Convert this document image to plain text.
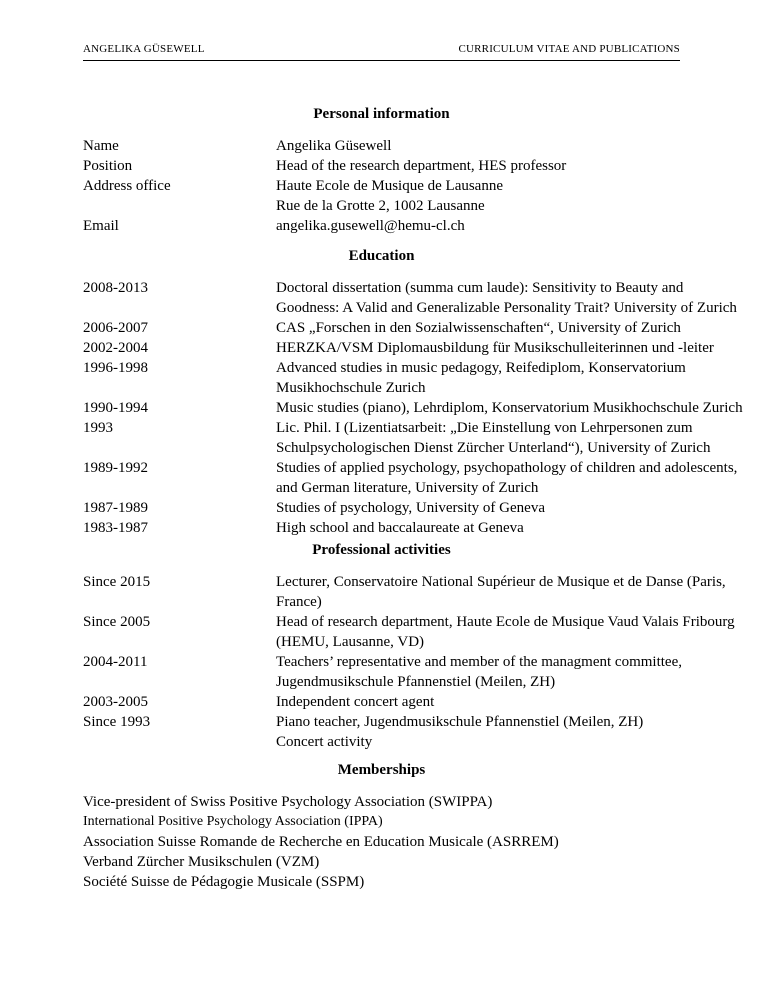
ANGELIKA GÜSEWELL	CURRICULUM VITAE AND PUBLICATIONS
Personal information
Name	Angelika Güsewell
Position	Head of the research department, HES professor
Address office	Haute Ecole de Musique de Lausanne
Rue de la Grotte 2, 1002 Lausanne
Email	angelika.gusewell@hemu-cl.ch
Education
2008-2013	Doctoral dissertation (summa cum laude): Sensitivity to Beauty and
Goodness: A Valid and Generalizable Personality Trait? University of Zurich
2006-2007	CAS „Forschen in den Sozialwissenschaften“, University of Zurich
2002-2004	HERZKA/VSM Diplomausbildung für Musikschulleiterinnen und -leiter
1996-1998	Advanced studies in music pedagogy, Reifediplom, Konservatorium
Musikhochschule Zurich
1990-1994	Music studies (piano), Lehrdiplom, Konservatorium Musikhochschule Zurich
1993	Lic. Phil. I (Lizentiatsarbeit: „Die Einstellung von Lehrpersonen zum
Schulpsychologischen Dienst Zürcher Unterland“), University of Zurich
1989-1992	Studies of applied psychology, psychopathology of children and adolescents,
and German literature, University of Zurich
1987-1989	Studies of psychology, University of Geneva
1983-1987	High school and baccalaureate at Geneva
Professional activities
Since 2015	Lecturer, Conservatoire National Supérieur de Musique et de Danse (Paris,
France)
Since 2005	Head of research department, Haute Ecole de Musique Vaud Valais Fribourg
(HEMU, Lausanne, VD)
2004-2011	Teachers’ representative and member of the managment committee,
Jugendmusikschule Pfannenstiel (Meilen, ZH)
2003-2005	Independent concert agent
Since 1993	Piano teacher, Jugendmusikschule Pfannenstiel (Meilen, ZH)
Concert activity
Memberships
Vice-president of Swiss Positive Psychology Association (SWIPPA)
International Positive Psychology Association (IPPA)
Association Suisse Romande de Recherche en Education Musicale (ASRREM)
Verband Zürcher Musikschulen (VZM)
Société Suisse de Pédagogie Musicale (SSPM)
